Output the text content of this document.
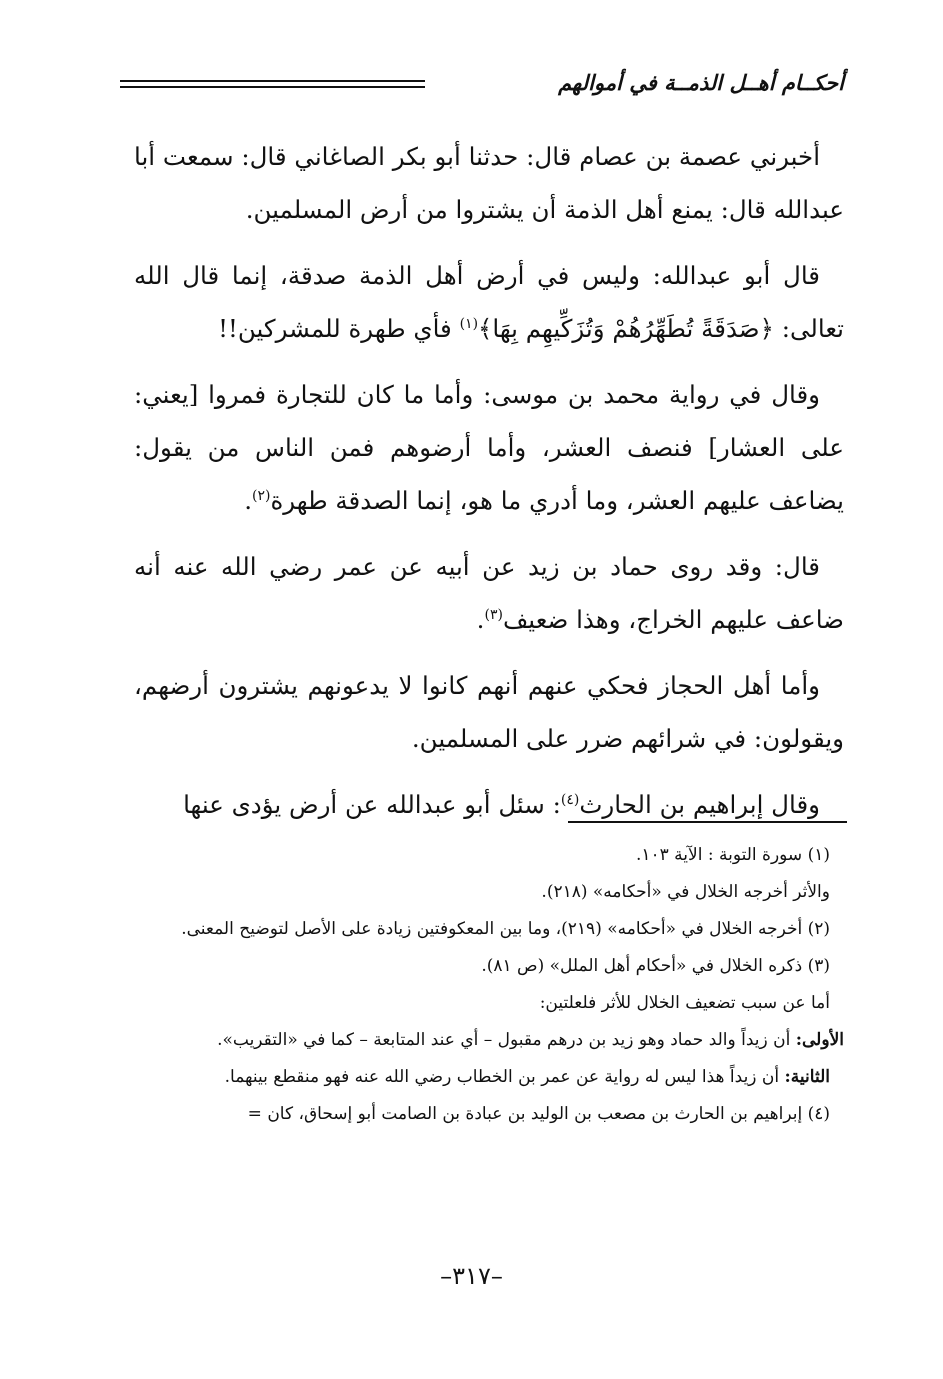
أحكــام أهــل الذمــة في أموالهم

أخبرني عصمة بن عصام قال: حدثنا أبو بكر الصاغاني قال: سمعت أبا عبدالله قال: يمنع أهل الذمة أن يشتروا من أرض المسلمين.

قال أبو عبدالله: وليس في أرض أهل الذمة صدقة، إنما قال الله تعالى: ﴿صَدَقَةً تُطَهِّرُهُمْ وَتُزَكِّيهِم بِهَا﴾$^{(١)}$ فأي طهرة للمشركين!!

وقال في رواية محمد بن موسى: وأما ما كان للتجارة فمروا [يعني: على العشار] فنصف العشر، وأما أرضوهم فمن الناس من يقول: يضاعف عليهم العشر، وما أدري ما هو، إنما الصدقة طهرة$^{(٢)}$.

قال: وقد روى حماد بن زيد عن أبيه عن عمر رضي الله عنه أنه ضاعف عليهم الخراج، وهذا ضعيف$^{(٣)}$.

وأما أهل الحجاز فحكي عنهم أنهم كانوا لا يدعونهم يشترون أرضهم، ويقولون: في شرائهم ضرر على المسلمين.

وقال إبراهيم بن الحارث$^{(٤)}$: سئل أبو عبدالله عن أرض يؤدى عنها

(١) سورة التوبة : الآية ١٠٣.

والأثر أخرجه الخلال في «أحكامه» (٢١٨).

(٢) أخرجه الخلال في «أحكامه» (٢١٩)، وما بين المعكوفتين زيادة على الأصل لتوضيح المعنى.

(٣) ذكره الخلال في «أحكام أهل الملل» (ص ٨١).

أما عن سبب تضعيف الخلال للأثر فلعلتين:

الأولى: أن زيداً والد حماد وهو زيد بن درهم مقبول – أي عند المتابعة – كما في «التقريب».

الثانية: أن زيداً هذا ليس له رواية عن عمر بن الخطاب رضي الله عنه فهو منقطع بينهما.

(٤) إبراهيم بن الحارث بن مصعب بن الوليد بن عبادة بن الصامت أبو إسحاق، كان =

–٣١٧–
